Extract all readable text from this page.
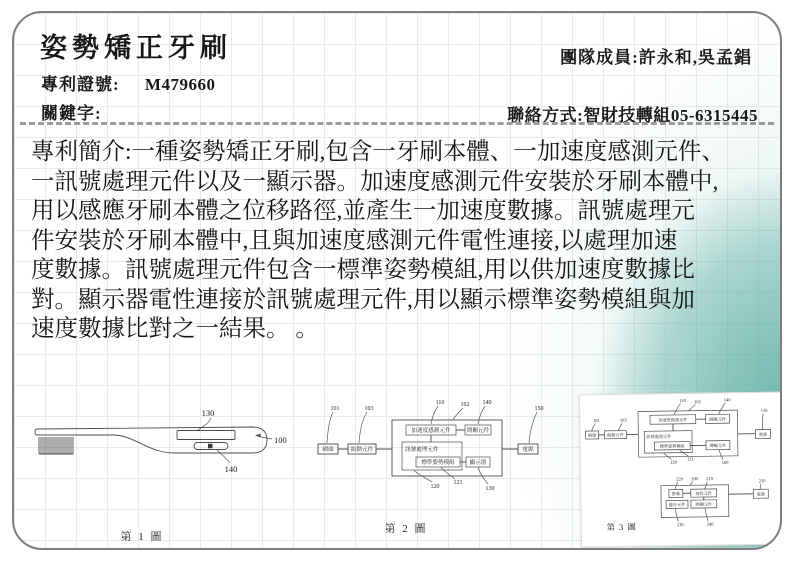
姿勢矯正牙刷	團隊成員:許永和,吳孟錩
專利證號: M479660
關鍵字:	聯絡方式:智財技轉組05-6315445
專利簡介:一種姿勢矯正牙刷,包含一牙刷本體、一加速度感測元件、
一訊號處理元件以及一顯示器。加速度感測元件安裝於牙刷本體中,
用以感應牙刷本體之位移路徑,並產生一加速度數據。訊號處理元
件安裝於牙刷本體中,且與加速度感測元件電性連接,以處理加速
度數據。訊號處理元件包含一標準姿勢模組,用以供加速度數據比
對。顯示器電性連接於訊號處理元件,用以顯示標準姿勢模組與加
速度數據比對之一結果。 。
130
100
140
第 1 圖
刷頭	振動元件
加速度感測元件	開關元件
訊號處理元件
標準姿勢模組	顯示器
電源
101	103
110	102 140
150
120
121
130
第 2 圖
刷頭	振動元件
加速度感測元件	開關元件
訊號處理元件
標準姿勢模組	傳輸元件
電源
101	103
110 102	140
150
120
121
160
螢幕	接收元件
儲存元件 開關元件
電源
220 200 210	250
230	240
第 3 圖
